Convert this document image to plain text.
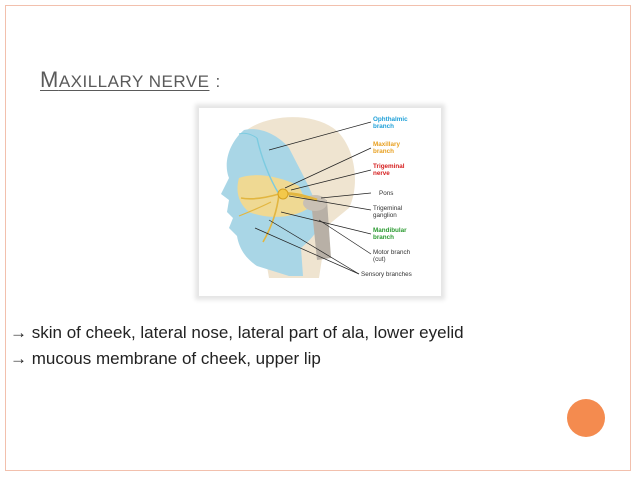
MAXILLARY NERVE :
Ophthalmic branch
Maxillary branch
Trigeminal nerve
Pons
Trigeminal ganglion
Mandibular branch
Motor branch (cut)
Sensory branches
→ skin of cheek, lateral nose, lateral part of ala, lower eyelid
→ mucous membrane of cheek, upper lip
